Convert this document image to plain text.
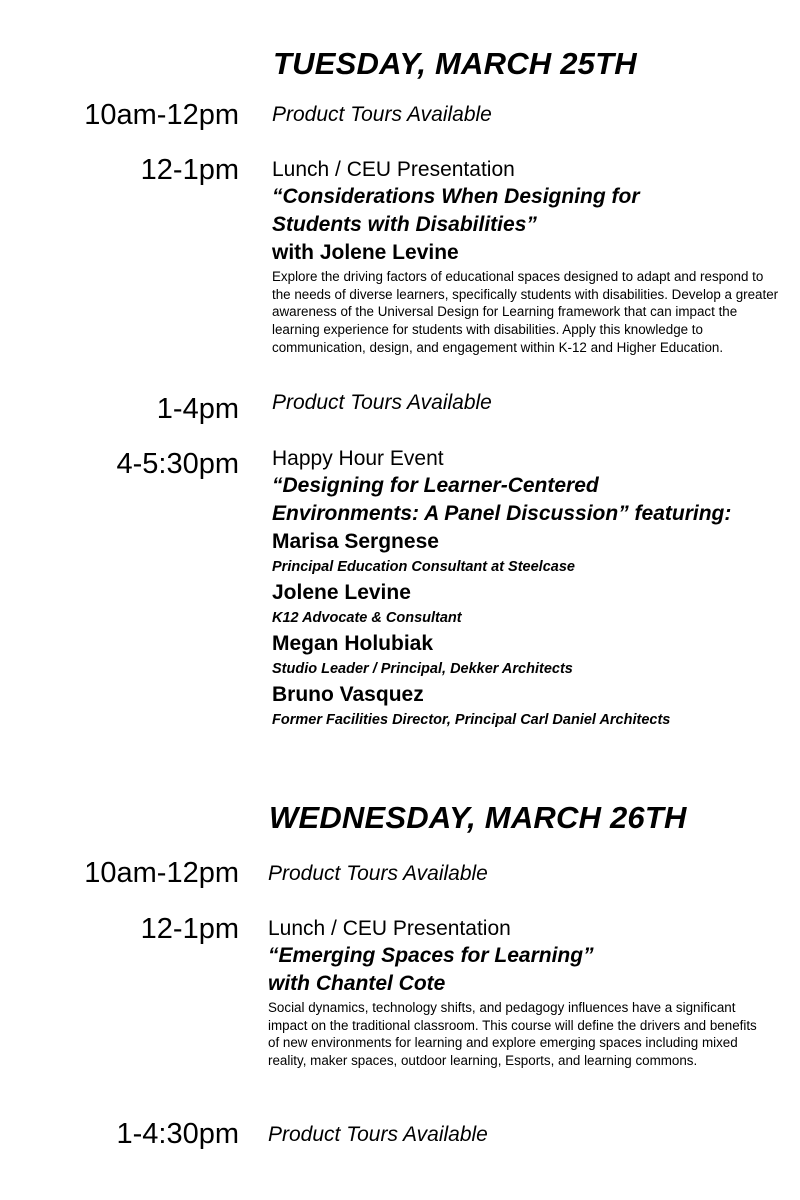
TUESDAY, MARCH 25TH
10am-12pm Product Tours Available
12-1pm Lunch / CEU Presentation
“Considerations When Designing for
Students with Disabilities”
with Jolene Levine
Explore the driving factors of educational spaces designed to adapt and respond to the needs of diverse learners, specifically students with disabilities. Develop a greater awareness of the Universal Design for Learning framework that can impact the learning experience for students with disabilities. Apply this knowledge to communication, design, and engagement within K-12 and Higher Education.
1-4pm Product Tours Available
4-5:30pm Happy Hour Event
“Designing for Learner-Centered
Environments: A Panel Discussion” featuring:
Marisa Sergnese
Principal Education Consultant at Steelcase
Jolene Levine
K12 Advocate & Consultant
Megan Holubiak
Studio Leader / Principal, Dekker Architects
Bruno Vasquez
Former Facilities Director, Principal Carl Daniel Architects
WEDNESDAY, MARCH 26TH
10am-12pm Product Tours Available
12-1pm Lunch / CEU Presentation
“Emerging Spaces for Learning”
with Chantel Cote
Social dynamics, technology shifts, and pedagogy influences have a significant impact on the traditional classroom. This course will define the drivers and benefits of new environments for learning and explore emerging spaces including mixed reality, maker spaces, outdoor learning, Esports, and learning commons.
1-4:30pm Product Tours Available
